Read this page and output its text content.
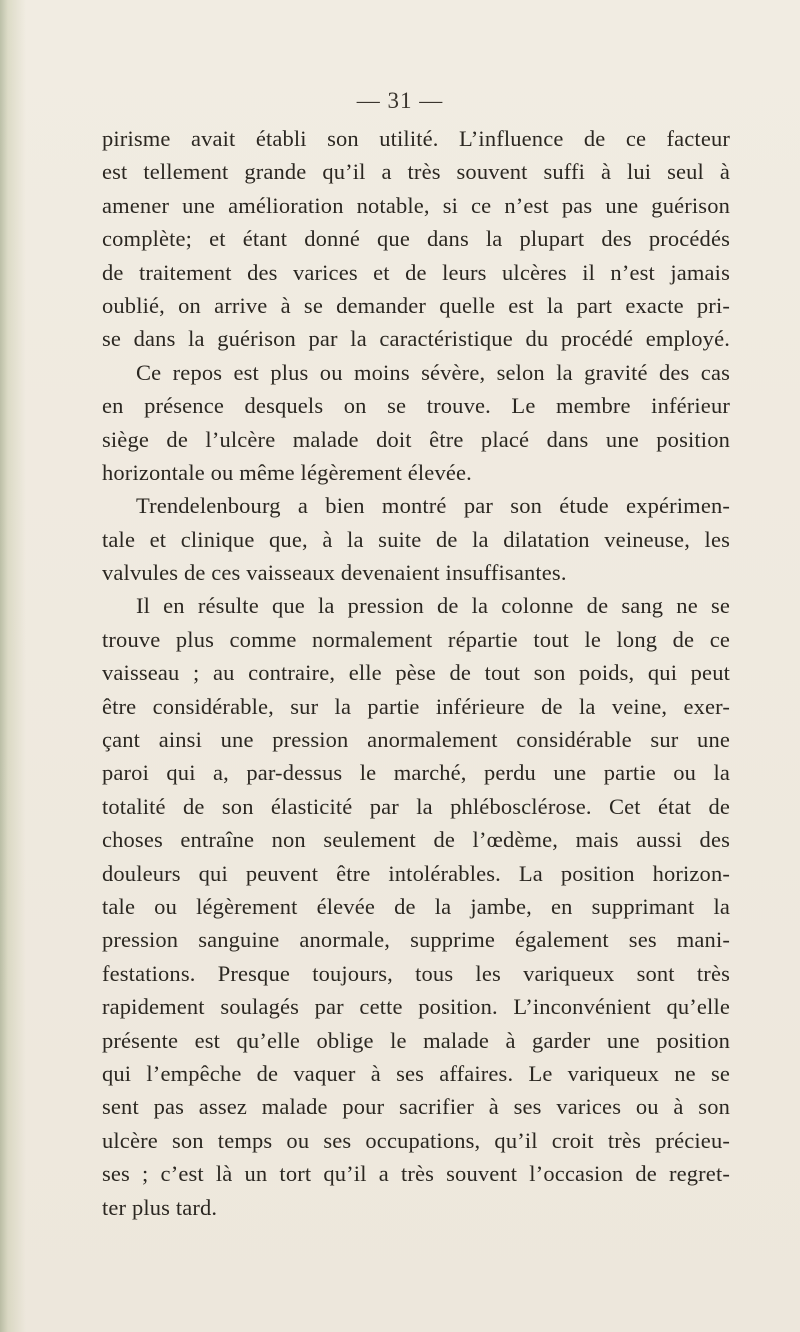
— 31 —
pirisme avait établi son utilité. L’influence de ce facteur
est tellement grande qu’il a très souvent suffi à lui seul à
amener une amélioration notable, si ce n’est pas une guérison
complète; et étant donné que dans la plupart des procédés
de traitement des varices et de leurs ulcères il n’est jamais
oublié, on arrive à se demander quelle est la part exacte pri-
se dans la guérison par la caractéristique du procédé employé.
Ce repos est plus ou moins sévère, selon la gravité des cas
en présence desquels on se trouve. Le membre inférieur
siège de l’ulcère malade doit être placé dans une position
horizontale ou même légèrement élevée.
Trendelenbourg a bien montré par son étude expérimen-
tale et clinique que, à la suite de la dilatation veineuse, les
valvules de ces vaisseaux devenaient insuffisantes.
Il en résulte que la pression de la colonne de sang ne se
trouve plus comme normalement répartie tout le long de ce
vaisseau ; au contraire, elle pèse de tout son poids, qui peut
être considérable, sur la partie inférieure de la veine, exer-
çant ainsi une pression anormalement considérable sur une
paroi qui a, par-dessus le marché, perdu une partie ou la
totalité de son élasticité par la phlébosclérose. Cet état de
choses entraîne non seulement de l’œdème, mais aussi des
douleurs qui peuvent être intolérables. La position horizon-
tale ou légèrement élevée de la jambe, en supprimant la
pression sanguine anormale, supprime également ses mani-
festations. Presque toujours, tous les variqueux sont très
rapidement soulagés par cette position. L’inconvénient qu’elle
présente est qu’elle oblige le malade à garder une position
qui l’empêche de vaquer à ses affaires. Le variqueux ne se
sent pas assez malade pour sacrifier à ses varices ou à son
ulcère son temps ou ses occupations, qu’il croit très précieu-
ses ; c’est là un tort qu’il a très souvent l’occasion de regret-
ter plus tard.
